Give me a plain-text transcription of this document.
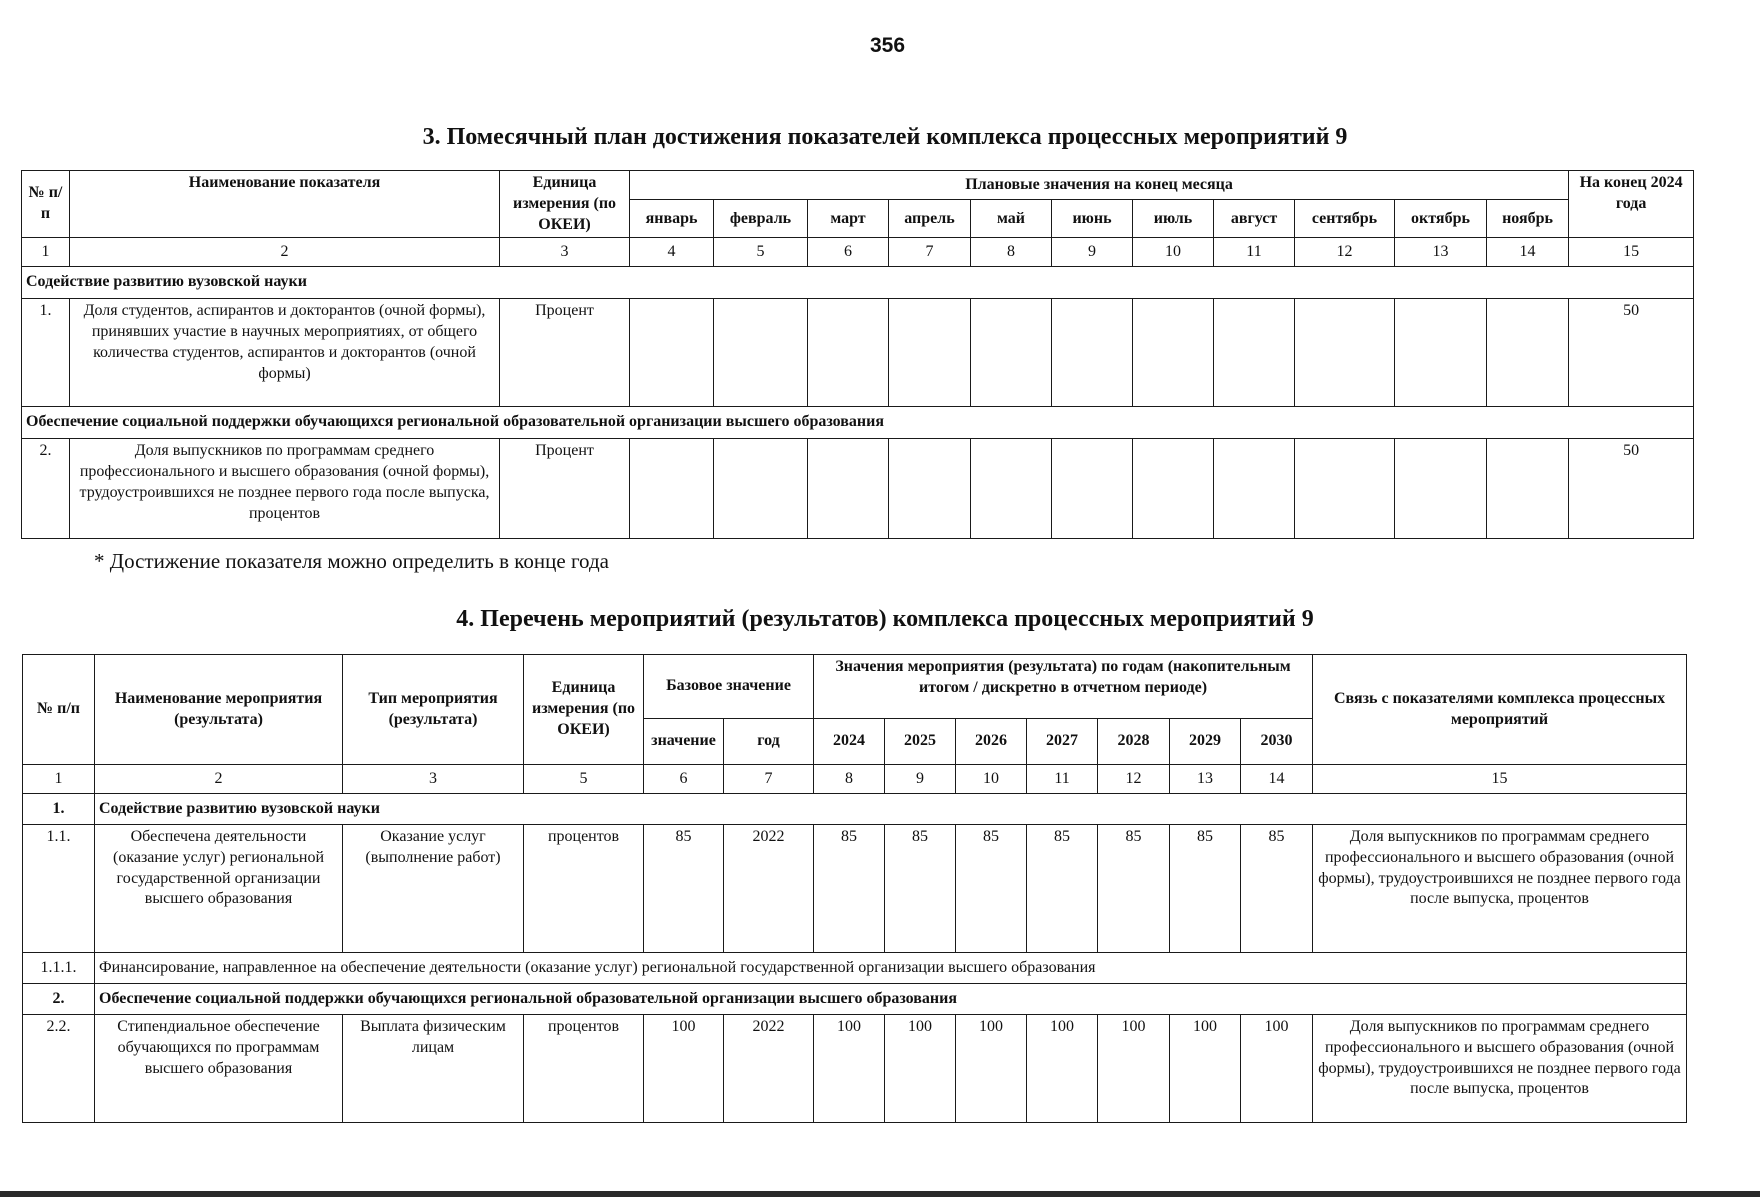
356
3. Помесячный план достижения показателей комплекса процессных мероприятий 9
№ п/п	Наименование показателя	Единица измерения (по ОКЕИ)	Плановые значения на конец месяца											На конец 2024 года
			январь	февраль	март	апрель	май	июнь	июль	август	сентябрь	октябрь	ноябрь	
1	2	3	4	5	6	7	8	9	10	11	12	13	14	15
Содействие развитию вузовской науки														
1.	Доля студентов, аспирантов и докторантов (очной формы), принявших участие в научных мероприятиях, от общего количества студентов, аспирантов и докторантов (очной формы)	Процент												50
Обеспечение социальной поддержки обучающихся региональной образовательной организации высшего образования														
2.	Доля выпускников по программам среднего профессионального и высшего образования (очной формы), трудоустроившихся не позднее первого года после выпуска, процентов	Процент												50
* Достижение показателя можно определить в конце года
4. Перечень мероприятий (результатов) комплекса процессных мероприятий 9
№ п/п	Наименование мероприятия (результата)	Тип мероприятия (результата)	Единица измерения (по ОКЕИ)	Базовое значение		Значения мероприятия (результата) по годам (накопительным итогом / дискретно в отчетном периоде)							Связь с показателями комплекса процессных мероприятий
				значение	год	2024	2025	2026	2027	2028	2029	2030	
1	2	3	5	6	7	8	9	10	11	12	13	14	15
1.	Содействие развитию вузовской науки												
1.1.	Обеспечена деятельности (оказание услуг) региональной государственной организации высшего образования	Оказание услуг (выполнение работ)	процентов	85	2022	85	85	85	85	85	85	85	Доля выпускников по программам среднего профессионального и высшего образования (очной формы), трудоустроившихся не позднее первого года после выпуска, процентов
1.1.1.	Финансирование, направленное на обеспечение деятельности (оказание услуг) региональной государственной организации высшего образования												
2.	Обеспечение социальной поддержки обучающихся региональной образовательной организации высшего образования												
2.2.	Стипендиальное обеспечение обучающихся по программам высшего образования	Выплата физическим лицам	процентов	100	2022	100	100	100	100	100	100	100	Доля выпускников по программам среднего профессионального и высшего образования (очной формы), трудоустроившихся не позднее первого года после выпуска, процентов
